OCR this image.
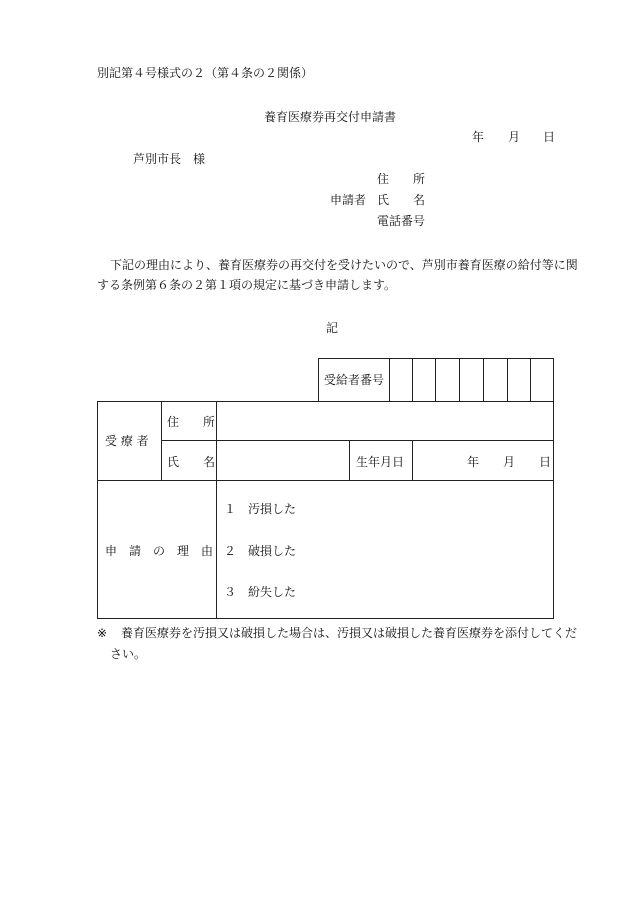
別記第４号様式の２（第４条の２関係）
養育医療券再交付申請書
年 月 日
芦別市長　様
住　　所
申請者 氏　　名
電話番号
下記の理由により、養育医療券の再交付を受けたいので、芦別市養育医療の給付等に関
する条例第６条の２第１項の規定に基づき申請します。
記
受給者番号
受 療 者
住　　所
氏　　名	生年月日	年 月 日
申　請　の　理　由
１　汚損した
２　破損した
３　紛失した
※ 養育医療券を汚損又は破損した場合は、汚損又は破損した養育医療券を添付してくだ
さい。
